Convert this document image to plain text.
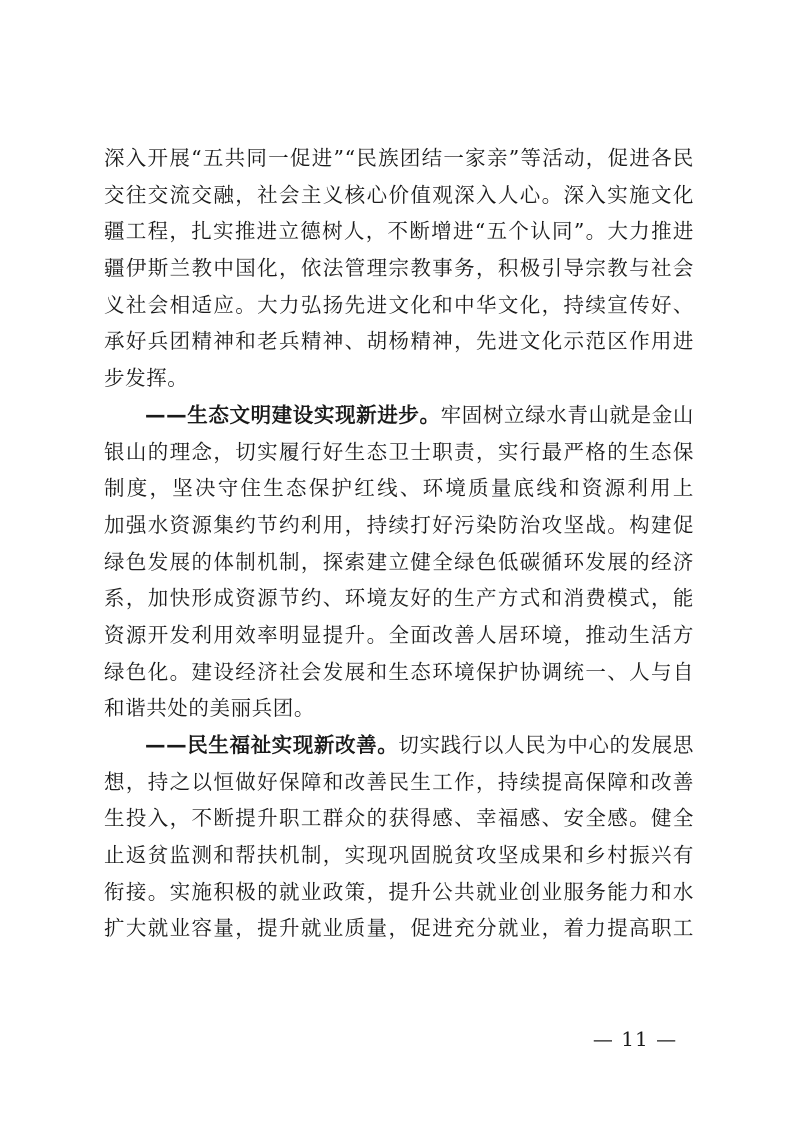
深入开展“五共同一促进”“民族团结一家亲”等活动，促进各民
交往交流交融，社会主义核心价值观深入人心。深入实施文化
疆工程，扎实推进立德树人，不断增进“五个认同”。大力推进
疆伊斯兰教中国化，依法管理宗教事务，积极引导宗教与社会
义社会相适应。大力弘扬先进文化和中华文化，持续宣传好、
承好兵团精神和老兵精神、胡杨精神，先进文化示范区作用进
步发挥。
——生态文明建设实现新进步。牢固树立绿水青山就是金山
银山的理念，切实履行好生态卫士职责，实行最严格的生态保
制度，坚决守住生态保护红线、环境质量底线和资源利用上
加强水资源集约节约利用，持续打好污染防治攻坚战。构建促
绿色发展的体制机制，探索建立健全绿色低碳循环发展的经济
系，加快形成资源节约、环境友好的生产方式和消费模式，能
资源开发利用效率明显提升。全面改善人居环境，推动生活方
绿色化。建设经济社会发展和生态环境保护协调统一、人与自
和谐共处的美丽兵团。
——民生福祉实现新改善。切实践行以人民为中心的发展思
想，持之以恒做好保障和改善民生工作，持续提高保障和改善
生投入，不断提升职工群众的获得感、幸福感、安全感。健全
止返贫监测和帮扶机制，实现巩固脱贫攻坚成果和乡村振兴有
衔接。实施积极的就业政策，提升公共就业创业服务能力和水
扩大就业容量，提升就业质量，促进充分就业，着力提高职工
— 11 —
